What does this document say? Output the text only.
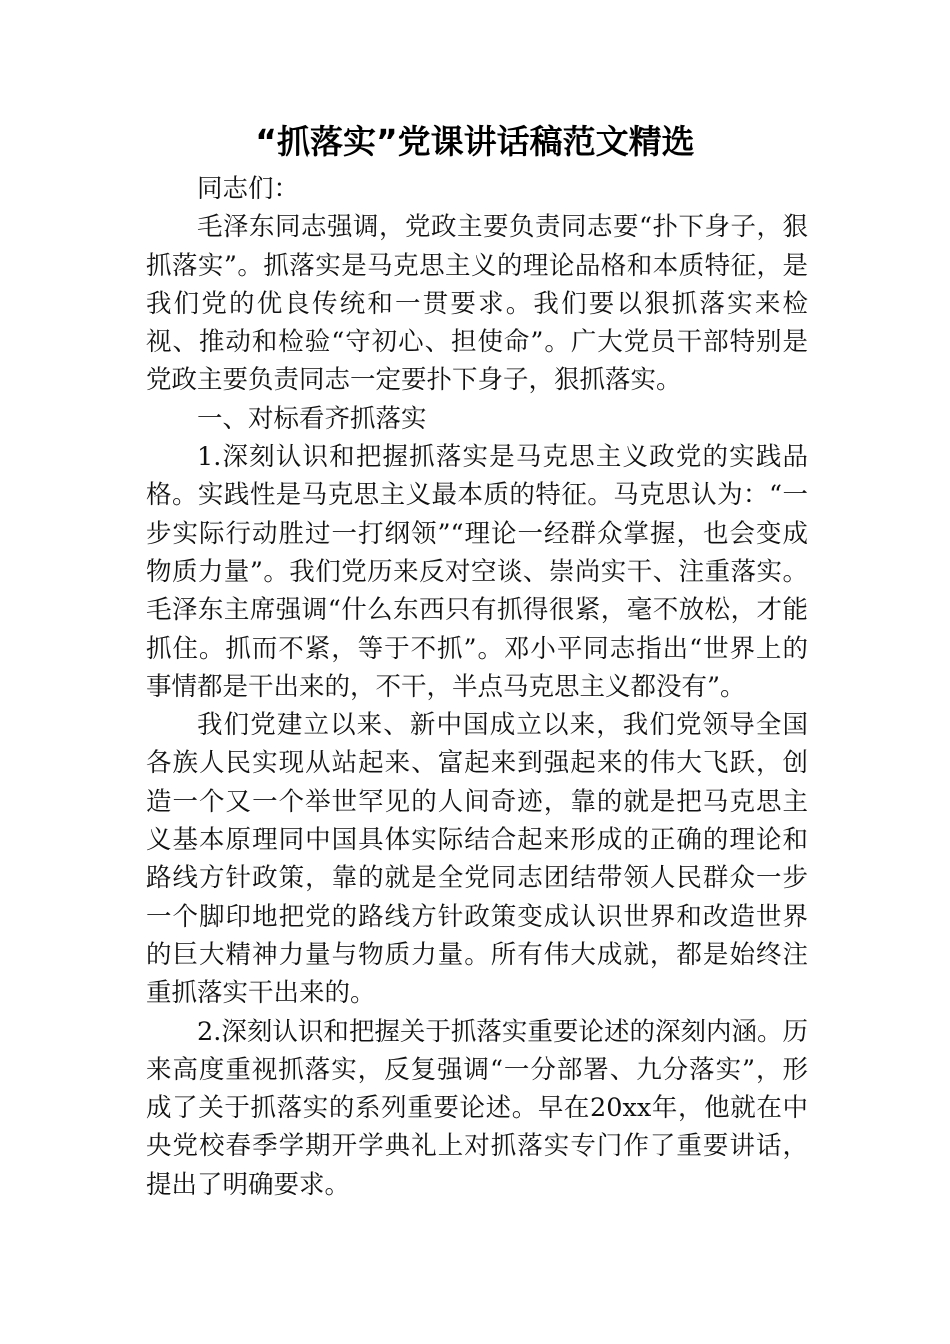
“抓落实”党课讲话稿范文精选

同志们：

毛泽东同志强调，党政主要负责同志要“扑下身子，狠抓落实”。抓落实是马克思主义的理论品格和本质特征，是我们党的优良传统和一贯要求。我们要以狠抓落实来检视、推动和检验“守初心、担使命”。广大党员干部特别是党政主要负责同志一定要扑下身子，狠抓落实。

一、对标看齐抓落实

1.深刻认识和把握抓落实是马克思主义政党的实践品格。实践性是马克思主义最本质的特征。马克思认为：“一步实际行动胜过一打纲领”“理论一经群众掌握，也会变成物质力量”。我们党历来反对空谈、崇尚实干、注重落实。毛泽东主席强调“什么东西只有抓得很紧，毫不放松，才能抓住。抓而不紧，等于不抓”。邓小平同志指出“世界上的事情都是干出来的，不干，半点马克思主义都没有”。

我们党建立以来、新中国成立以来，我们党领导全国各族人民实现从站起来、富起来到强起来的伟大飞跃，创造一个又一个举世罕见的人间奇迹，靠的就是把马克思主义基本原理同中国具体实际结合起来形成的正确的理论和路线方针政策，靠的就是全党同志团结带领人民群众一步一个脚印地把党的路线方针政策变成认识世界和改造世界的巨大精神力量与物质力量。所有伟大成就，都是始终注重抓落实干出来的。

2.深刻认识和把握关于抓落实重要论述的深刻内涵。历来高度重视抓落实，反复强调“一分部署、九分落实”，形成了关于抓落实的系列重要论述。早在20xx年，他就在中央党校春季学期开学典礼上对抓落实专门作了重要讲话，提出了明确要求。
